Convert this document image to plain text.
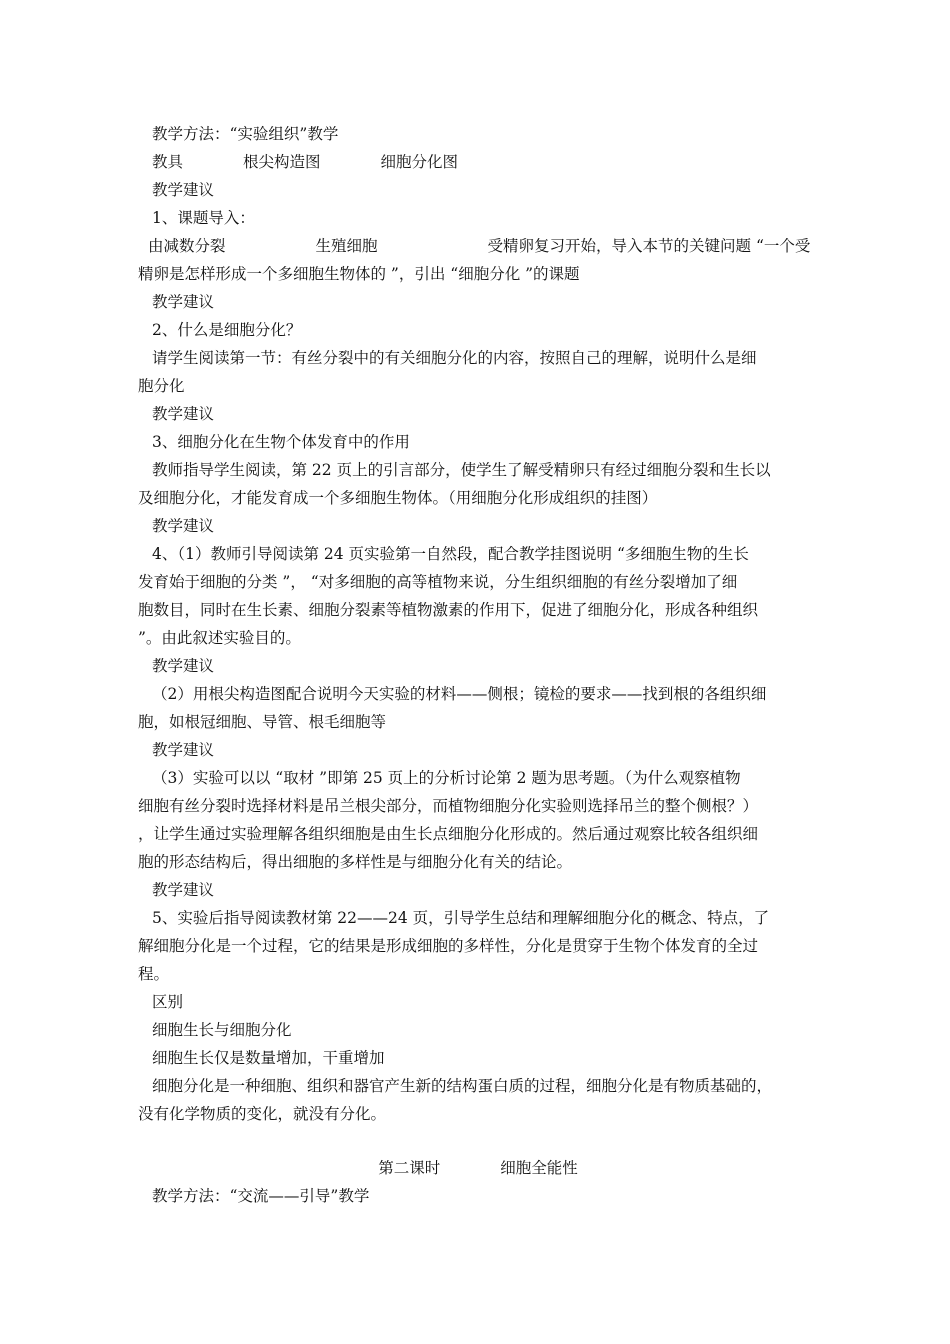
教学方法：“实验组织”教学
教具	根尖构造图	细胞分化图
教学建议
1、课题导入：
由减数分裂	生殖细胞	受精卵复习开始，导入本节的关键问题 “一个受
精卵是怎样形成一个多细胞生物体的 ”，引出 “细胞分化 ”的课题
教学建议
2、什么是细胞分化？
请学生阅读第一节：有丝分裂中的有关细胞分化的内容，按照自己的理解，说明什么是细
胞分化
教学建议
3、细胞分化在生物个体发育中的作用
教师指导学生阅读，第 22 页上的引言部分，使学生了解受精卵只有经过细胞分裂和生长以
及细胞分化，才能发育成一个多细胞生物体。（用细胞分化形成组织的挂图）
教学建议
4、（1）教师引导阅读第 24 页实验第一自然段，配合教学挂图说明 “多细胞生物的生长
发育始于细胞的分类 ”， “对多细胞的高等植物来说，分生组织细胞的有丝分裂增加了细
胞数目，同时在生长素、细胞分裂素等植物激素的作用下，促进了细胞分化，形成各种组织
”。由此叙述实验目的。
教学建议
（2）用根尖构造图配合说明今天实验的材料——侧根；镜检的要求——找到根的各组织细
胞，如根冠细胞、导管、根毛细胞等
教学建议
（3）实验可以以 “取材 ”即第 25 页上的分析讨论第 2 题为思考题。（为什么观察植物
细胞有丝分裂时选择材料是吊兰根尖部分，而植物细胞分化实验则选择吊兰的整个侧根？）
，让学生通过实验理解各组织细胞是由生长点细胞分化形成的。然后通过观察比较各组织细
胞的形态结构后，得出细胞的多样性是与细胞分化有关的结论。
教学建议
5、实验后指导阅读教材第 22——24 页，引导学生总结和理解细胞分化的概念、特点，了
解细胞分化是一个过程，它的结果是形成细胞的多样性，分化是贯穿于生物个体发育的全过
程。
区别
细胞生长与细胞分化
细胞生长仅是数量增加，干重增加
细胞分化是一种细胞、组织和器官产生新的结构蛋白质的过程，细胞分化是有物质基础的，
没有化学物质的变化，就没有分化。
第二课时	细胞全能性
教学方法：“交流——引导”教学
